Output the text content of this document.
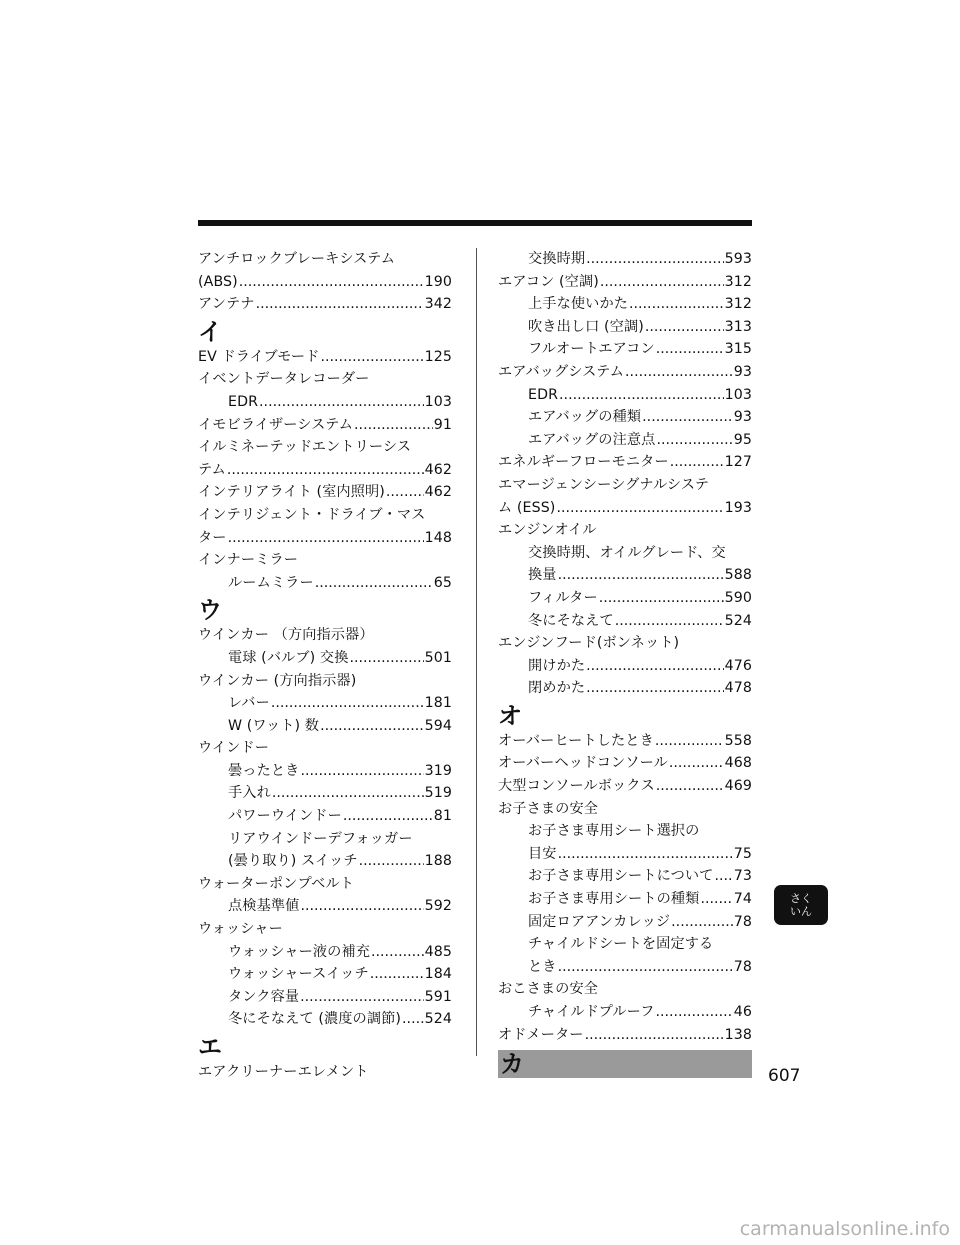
アンチロックブレーキシステム
(ABS) .....	190
アンテナ .....	342
イ
EV ドライブモード .....	125
イベントデータレコーダー
EDR .....	103
イモビライザーシステム .....	91
イルミネーテッドエントリーシス
テム .....	462
インテリアライト (室内照明) .....	462
インテリジェント・ドライブ・マス
ター .....	148
インナーミラー
ルームミラー .....	65
ウ
ウインカー （方向指示器）
電球 (バルブ) 交換 .....	501
ウインカー (方向指示器)
レバー .....	181
W (ワット) 数 .....	594
ウインドー
曇ったとき .....	319
手入れ .....	519
パワーウインドー .....	81
リアウインドーデフォッガー
(曇り取り) スイッチ .....	188
ウォーターポンプベルト
点検基準値 .....	592
ウォッシャー
ウォッシャー液の補充 .....	485
ウォッシャースイッチ .....	184
タンク容量 .....	591
冬にそなえて (濃度の調節) ..... 524
エ
エアクリーナーエレメント
交換時期 .....	593
エアコン (空調) .....	312
上手な使いかた .....	312
吹き出し口 (空調) .....	313
フルオートエアコン .....	315
エアバッグシステム .....	93
EDR .....	103
エアバッグの種類 .....	93
エアバッグの注意点 .....	95
エネルギーフローモニター .....	127
エマージェンシーシグナルシステ
ム (ESS) .....	193
エンジンオイル
交換時期、オイルグレード、交
換量 .....	588
フィルター .....	590
冬にそなえて .....	524
エンジンフード(ボンネット)
開けかた .....	476
閉めかた .....	478
オ
オーバーヒートしたとき .....	558
オーバーヘッドコンソール .....	468
大型コンソールボックス .....	469
お子さまの安全
お子さま専用シート選択の
目安 .....	75
お子さま専用シートについて ..... 73
お子さま専用シートの種類 ..... 74
固定ロアアンカレッジ .....	78
チャイルドシートを固定する
とき .....	78
おこさまの安全
チャイルドプルーフ .....	46
オドメーター .....	138
カ
さく
いん
607
carmanualsonline.info
